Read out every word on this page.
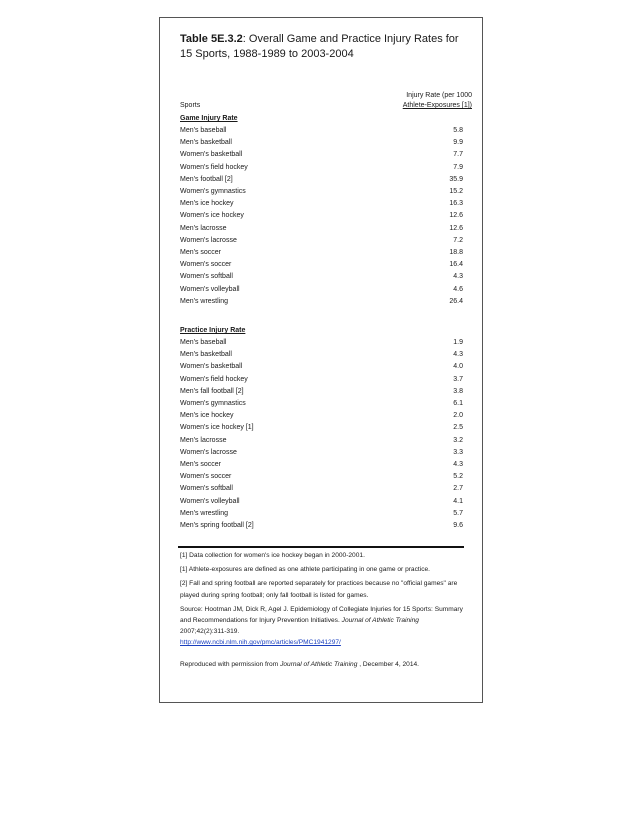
Table 5E.3.2: Overall Game and Practice Injury Rates for 15 Sports, 1988-1989 to 2003-2004
Injury Rate (per 1000
Athlete-Exposures [1])
Sports
Game Injury Rate
Men's baseball	5.8
Men's basketball	9.9
Women's basketball	7.7
Women's field hockey	7.9
Men's football [2]	35.9
Women's gymnastics	15.2
Men's ice hockey	16.3
Women's ice hockey	12.6
Men's lacrosse	12.6
Women's lacrosse	7.2
Men's soccer	18.8
Women's soccer	16.4
Women's softball	4.3
Women's volleyball	4.6
Men's wrestling	26.4
Practice Injury Rate
Men's baseball	1.9
Men's basketball	4.3
Women's basketball	4.0
Women's field hockey	3.7
Men's fall football [2]	3.8
Women's gymnastics	6.1
Men's ice hockey	2.0
Women's ice hockey [1]	2.5
Men's lacrosse	3.2
Women's lacrosse	3.3
Men's soccer	4.3
Women's soccer	5.2
Women's softball	2.7
Women's volleyball	4.1
Men's wrestling	5.7
Men's spring football [2]	9.6

[1] Data collection for women's ice hockey began in 2000-2001.

[1] Athlete-exposures are defined as one athlete participating in one game or practice.

[2] Fall and spring football are reported separately for practices because no "official games" are played during spring football; only fall football is listed for games.

Source: Hootman JM, Dick R, Agel J. Epidemiology of Collegiate Injuries for 15 Sports: Summary and Recommendations for Injury Prevention Initiatives. Journal of Athletic Training 2007;42(2):311-319.
http://www.ncbi.nlm.nih.gov/pmc/articles/PMC1941297/

Reproduced with permission from Journal of Athletic Training , December 4, 2014.
